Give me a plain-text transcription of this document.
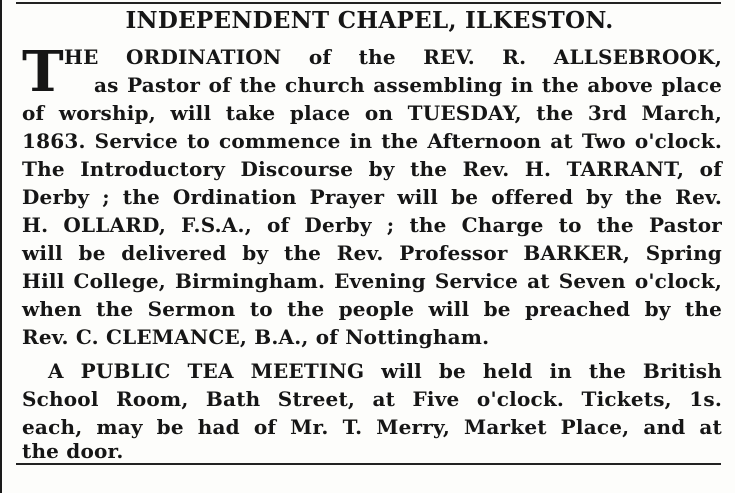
INDEPENDENT CHAPEL, ILKESTON.
T HE ORDINATION of the REV. R. ALLSEBROOK,
as Pastor of the church assembling in the above place
of worship, will take place on TUESDAY, the 3rd March,
1863. Service to commence in the Afternoon at Two o'clock.
The Introductory Discourse by the Rev. H. TARRANT, of
Derby ; the Ordination Prayer will be offered by the Rev.
H. OLLARD, F.S.A., of Derby ; the Charge to the Pastor
will be delivered by the Rev. Professor BARKER, Spring
Hill College, Birmingham. Evening Service at Seven o'clock,
when the Sermon to the people will be preached by the
Rev. C. CLEMANCE, B.A., of Nottingham.
A PUBLIC TEA MEETING will be held in the British
School Room, Bath Street, at Five o'clock. Tickets, 1s.
each, may be had of Mr. T. Merry, Market Place, and at
the door.
